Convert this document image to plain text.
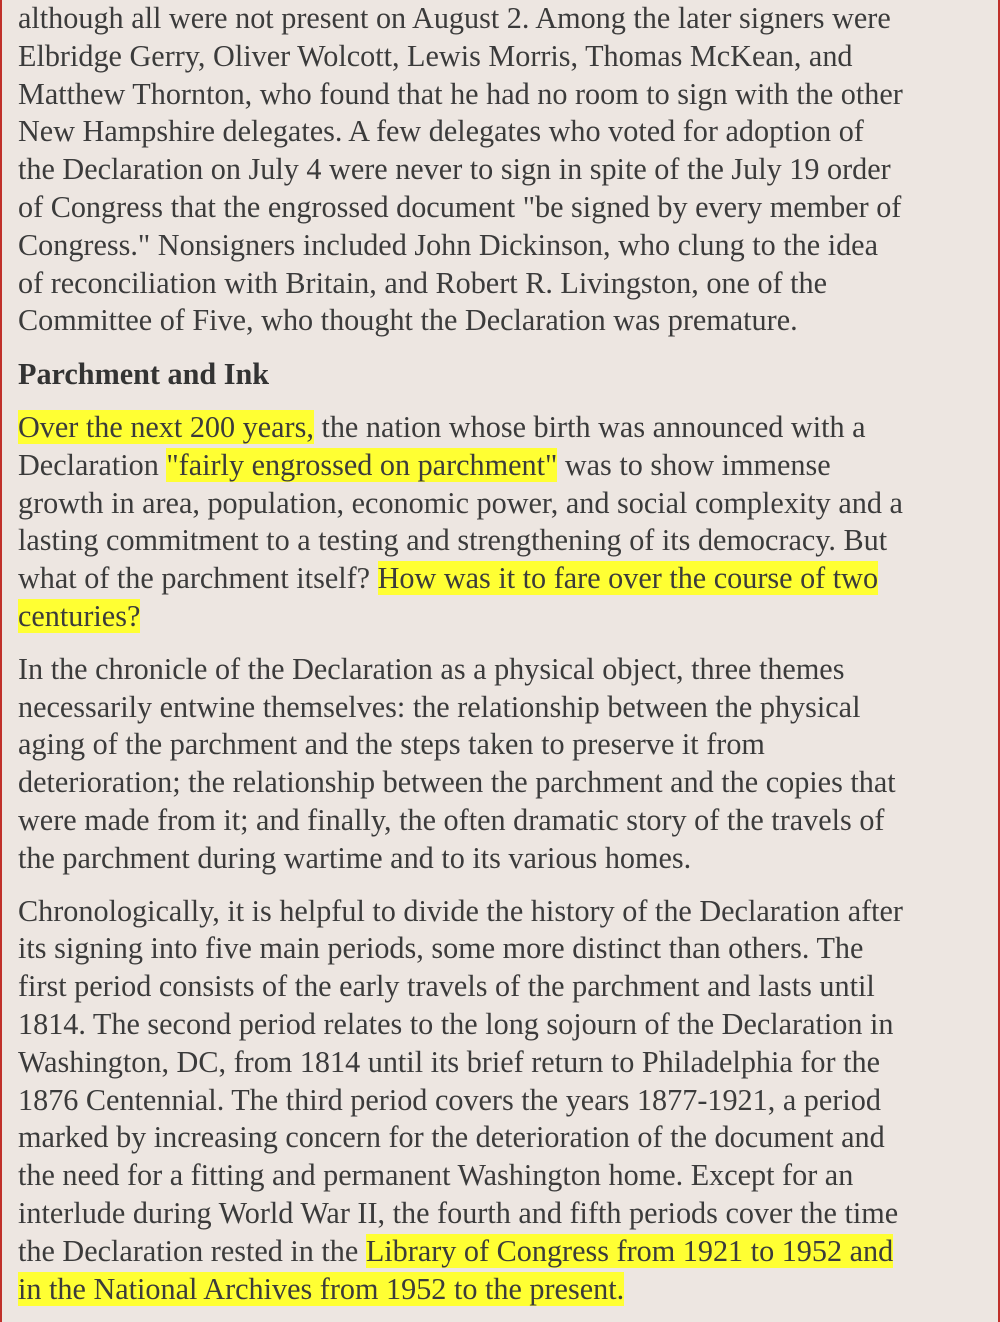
although all were not present on August 2. Among the later signers were
Elbridge Gerry, Oliver Wolcott, Lewis Morris, Thomas McKean, and
Matthew Thornton, who found that he had no room to sign with the other
New Hampshire delegates. A few delegates who voted for adoption of
the Declaration on July 4 were never to sign in spite of the July 19 order
of Congress that the engrossed document "be signed by every member of
Congress." Nonsigners included John Dickinson, who clung to the idea
of reconciliation with Britain, and Robert R. Livingston, one of the
Committee of Five, who thought the Declaration was premature.
Parchment and Ink
Over the next 200 years, the nation whose birth was announced with a
Declaration "fairly engrossed on parchment" was to show immense
growth in area, population, economic power, and social complexity and a
lasting commitment to a testing and strengthening of its democracy. But
what of the parchment itself? How was it to fare over the course of two
centuries?
In the chronicle of the Declaration as a physical object, three themes
necessarily entwine themselves: the relationship between the physical
aging of the parchment and the steps taken to preserve it from
deterioration; the relationship between the parchment and the copies that
were made from it; and finally, the often dramatic story of the travels of
the parchment during wartime and to its various homes.
Chronologically, it is helpful to divide the history of the Declaration after
its signing into five main periods, some more distinct than others. The
first period consists of the early travels of the parchment and lasts until
1814. The second period relates to the long sojourn of the Declaration in
Washington, DC, from 1814 until its brief return to Philadelphia for the
1876 Centennial. The third period covers the years 1877-1921, a period
marked by increasing concern for the deterioration of the document and
the need for a fitting and permanent Washington home. Except for an
interlude during World War II, the fourth and fifth periods cover the time
the Declaration rested in the Library of Congress from 1921 to 1952 and
in the National Archives from 1952 to the present.
